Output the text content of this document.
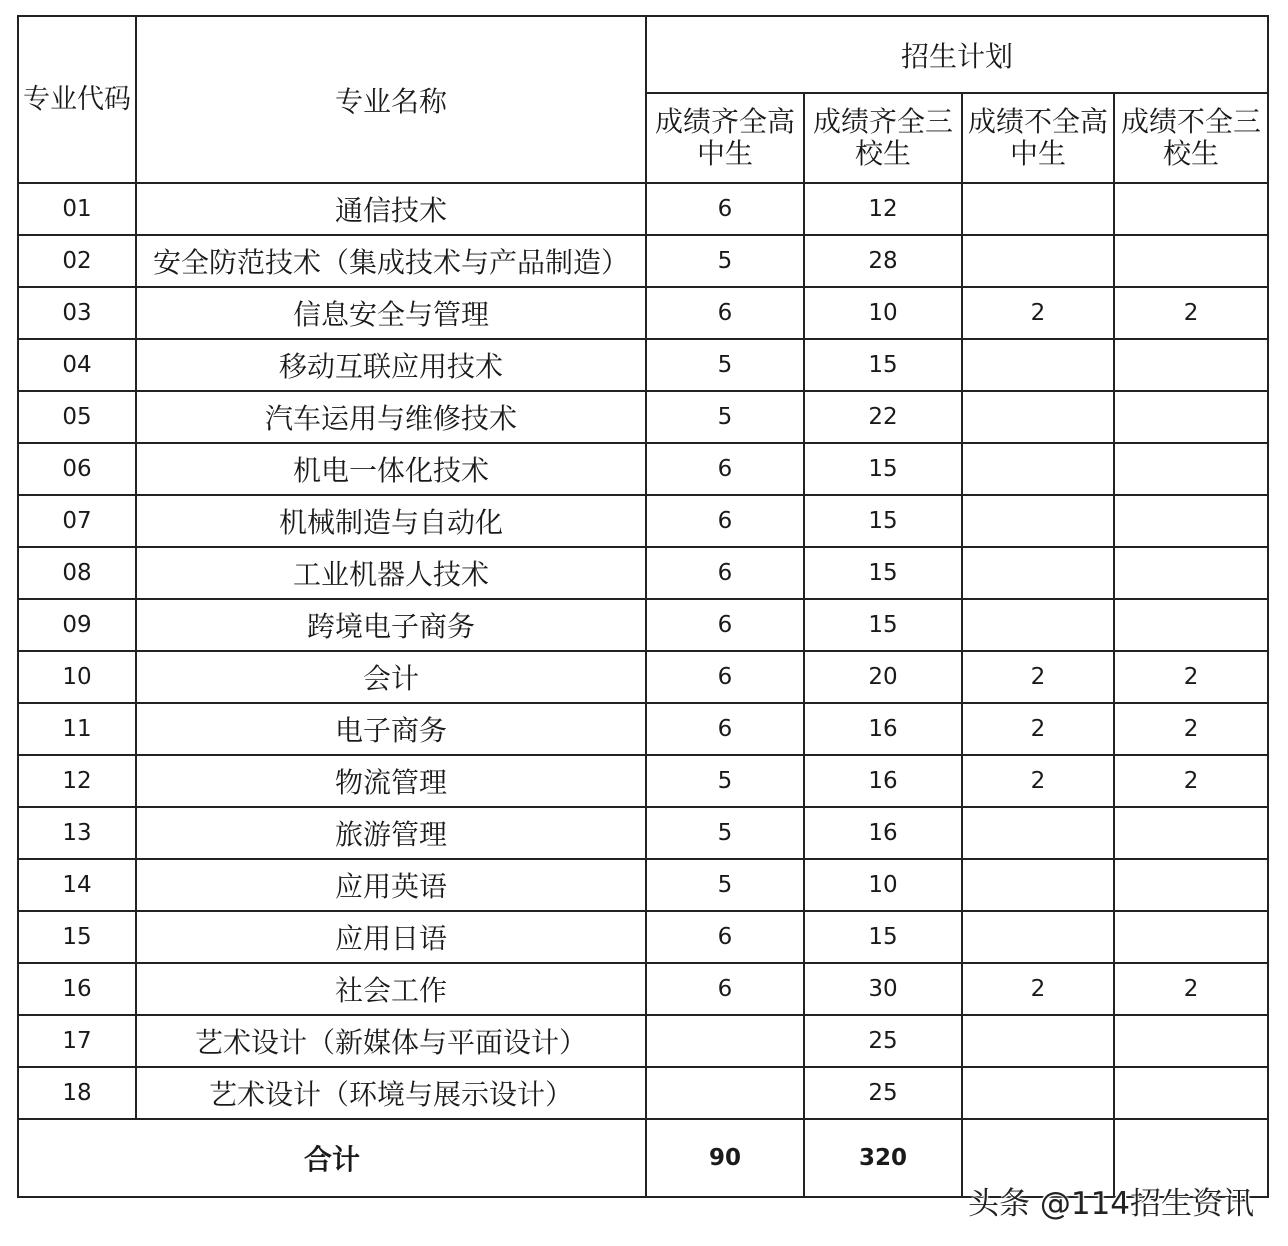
专业代码	专业名称	招生计划			
		成绩齐全高中生	成绩齐全三校生	成绩不全高中生	成绩不全三校生
01	通信技术	6	12		
02	安全防范技术（集成技术与产品制造）	5	28		
03	信息安全与管理	6	10	2	2
04	移动互联应用技术	5	15		
05	汽车运用与维修技术	5	22		
06	机电一体化技术	6	15		
07	机械制造与自动化	6	15		
08	工业机器人技术	6	15		
09	跨境电子商务	6	15		
10	会计	6	20	2	2
11	电子商务	6	16	2	2
12	物流管理	5	16	2	2
13	旅游管理	5	16		
14	应用英语	5	10		
15	应用日语	6	15		
16	社会工作	6	30	2	2
17	艺术设计（新媒体与平面设计）		25		
18	艺术设计（环境与展示设计）		25		
合计		90	320		
头条 @114招生资讯
